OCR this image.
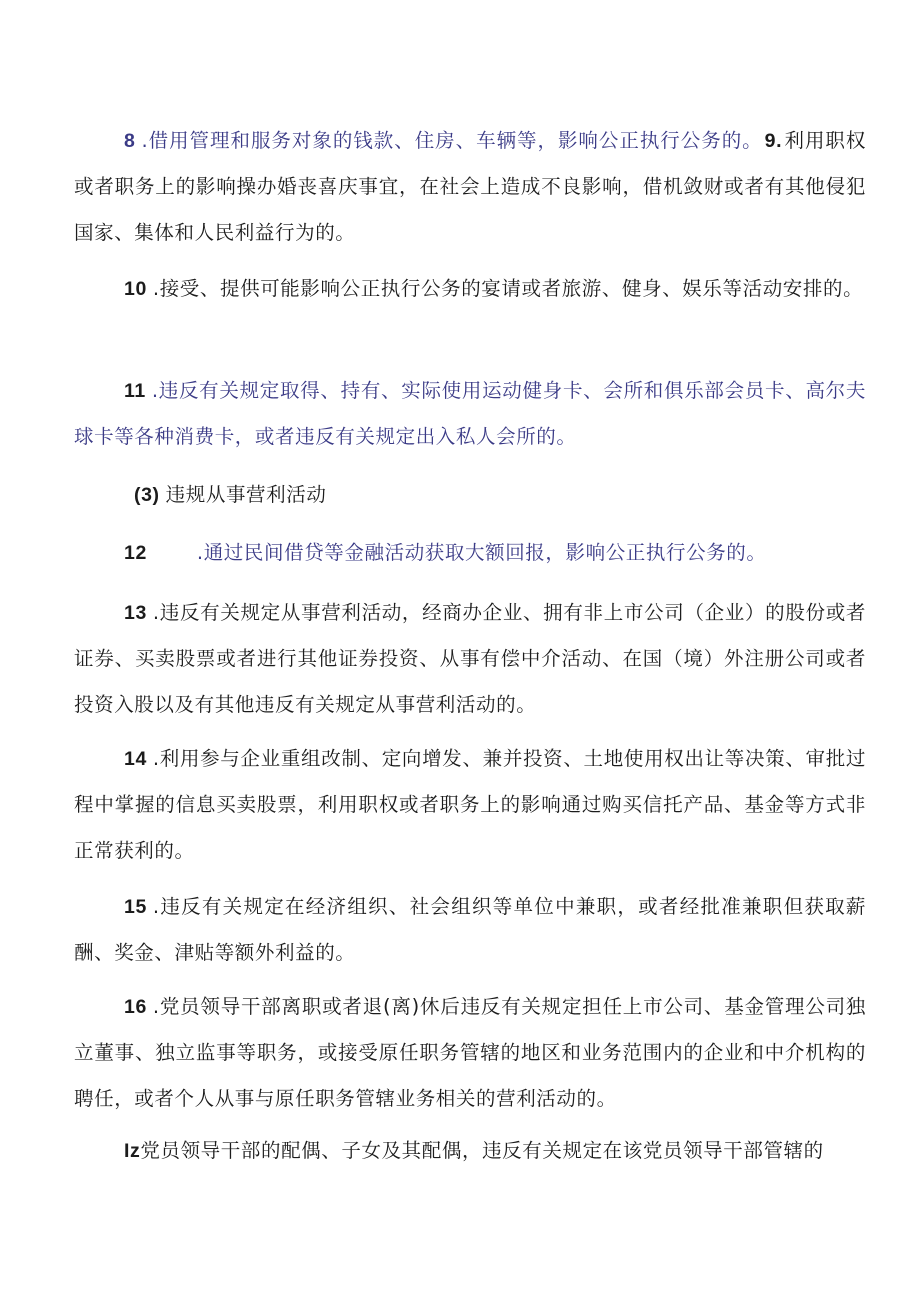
8 .借用管理和服务对象的钱款、住房、车辆等，影响公正执行公务的。 9. 利用职权或者职务上的影响操办婚丧喜庆事宜，在社会上造成不良影响，借机敛财或者有其他侵犯国家、集体和人民利益行为的。

10 .接受、提供可能影响公正执行公务的宴请或者旅游、健身、娱乐等活动安排的。

11 .违反有关规定取得、持有、实际使用运动健身卡、会所和俱乐部会员卡、高尔夫球卡等各种消费卡，或者违反有关规定出入私人会所的。

(3) 违规从事营利活动

12	.通过民间借贷等金融活动获取大额回报，影响公正执行公务的。

13 .违反有关规定从事营利活动，经商办企业、拥有非上市公司（企业）的股份或者证券、买卖股票或者进行其他证券投资、从事有偿中介活动、在国（境）外注册公司或者投资入股以及有其他违反有关规定从事营利活动的。

14 .利用参与企业重组改制、定向增发、兼并投资、土地使用权出让等决策、审批过程中掌握的信息买卖股票，利用职权或者职务上的影响通过购买信托产品、基金等方式非正常获利的。

15 .违反有关规定在经济组织、社会组织等单位中兼职，或者经批准兼职但获取薪酬、奖金、津贴等额外利益的。

16 .党员领导干部离职或者退(离)休后违反有关规定担任上市公司、基金管理公司独立董事、独立监事等职务，或接受原任职务管辖的地区和业务范围内的企业和中介机构的聘任，或者个人从事与原任职务管辖业务相关的营利活动的。

Iz党员领导干部的配偶、子女及其配偶，违反有关规定在该党员领导干部管辖的
